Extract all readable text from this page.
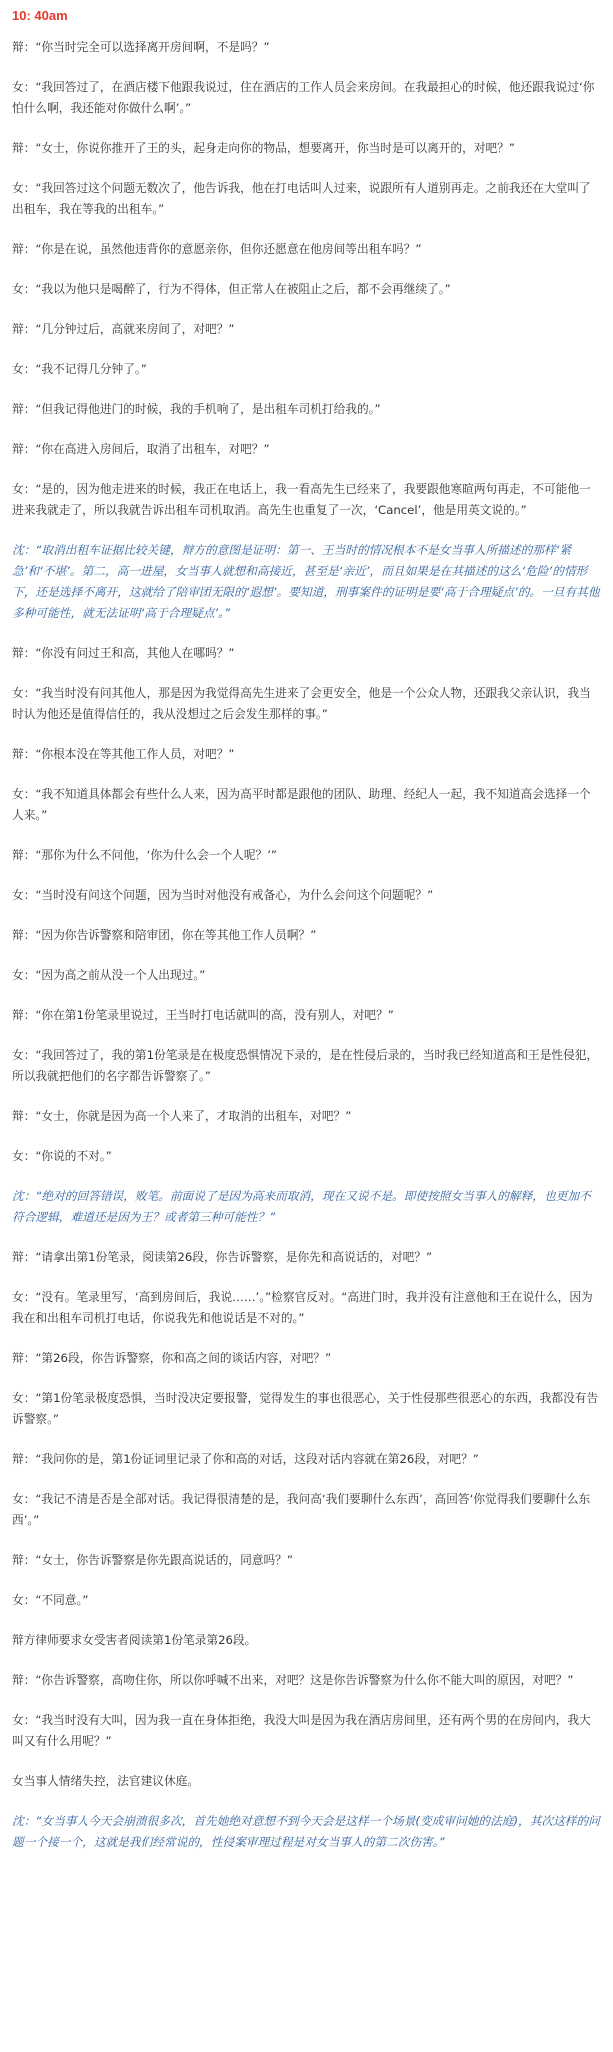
10: 40am

辩：“你当时完全可以选择离开房间啊，不是吗？”

女：“我回答过了，在酒店楼下他跟我说过，住在酒店的工作人员会来房间。在我最担心的时候，他还跟我说过‘你怕什么啊，我还能对你做什么啊’。”

辩：“女士，你说你推开了王的头，起身走向你的物品，想要离开，你当时是可以离开的，对吧？”

女：“我回答过这个问题无数次了，他告诉我，他在打电话叫人过来，说跟所有人道别再走。之前我还在大堂叫了出租车，我在等我的出租车。”

辩：“你是在说，虽然他违背你的意愿亲你，但你还愿意在他房间等出租车吗？”

女：“我以为他只是喝醉了，行为不得体，但正常人在被阻止之后，都不会再继续了。”

辩：“几分钟过后，高就来房间了，对吧？”

女：“我不记得几分钟了。”

辩：“但我记得他进门的时候，我的手机响了，是出租车司机打给我的。”

辩：“你在高进入房间后，取消了出租车，对吧？”

女：“是的，因为他走进来的时候，我正在电话上，我一看高先生已经来了，我要跟他寒暄两句再走，不可能他一进来我就走了，所以我就告诉出租车司机取消。高先生也重复了一次，‘Cancel’，他是用英文说的。”

沈：“取消出租车证据比较关键，辩方的意图是证明：第一、王当时的情况根本不是女当事人所描述的那样‘紧急’和‘不堪’。第二，高一进屋，女当事人就想和高接近，甚至是‘亲近’，而且如果是在其描述的这么‘危险’的情形下，还是选择不离开，这就给了陪审团无限的‘遐想’。要知道，刑事案件的证明是要‘高于合理疑点’的。一旦有其他多种可能性，就无法证明‘高于合理疑点’。”

辩：“你没有问过王和高，其他人在哪吗？”

女：“我当时没有问其他人，那是因为我觉得高先生进来了会更安全，他是一个公众人物，还跟我父亲认识，我当时认为他还是值得信任的，我从没想过之后会发生那样的事。”

辩：“你根本没在等其他工作人员，对吧？”

女：“我不知道具体都会有些什么人来，因为高平时都是跟他的团队、助理、经纪人一起，我不知道高会选择一个人来。”

辩：“那你为什么不问他，‘你为什么会一个人呢？’”

女：“当时没有问这个问题，因为当时对他没有戒备心，为什么会问这个问题呢？”

辩：“因为你告诉警察和陪审团，你在等其他工作人员啊？”

女：“因为高之前从没一个人出现过。”

辩：“你在第1份笔录里说过，王当时打电话就叫的高，没有别人，对吧？”

女：“我回答过了，我的第1份笔录是在极度恐惧情况下录的，是在性侵后录的，当时我已经知道高和王是性侵犯，所以我就把他们的名字都告诉警察了。”

辩：“女士，你就是因为高一个人来了，才取消的出租车，对吧？”

女：“你说的不对。”

沈：“绝对的回答错误，败笔。前面说了是因为高来而取消，现在又说不是。即使按照女当事人的解释，也更加不符合逻辑，难道还是因为王？或者第三种可能性？”

辩：“请拿出第1份笔录，阅读第26段，你告诉警察，是你先和高说话的，对吧？”

女：“没有。笔录里写，‘高到房间后，我说……’。”检察官反对。“高进门时，我并没有注意他和王在说什么，因为我在和出租车司机打电话，你说我先和他说话是不对的。”

辩：“第26段，你告诉警察，你和高之间的谈话内容，对吧？”

女：“第1份笔录极度恐惧，当时没决定要报警，觉得发生的事也很恶心，关于性侵那些很恶心的东西，我都没有告诉警察。”

辩：“我问你的是，第1份证词里记录了你和高的对话，这段对话内容就在第26段，对吧？”

女：“我记不清是否是全部对话。我记得很清楚的是，我问高‘我们要聊什么东西’，高回答‘你觉得我们要聊什么东西’。”

辩：“女士，你告诉警察是你先跟高说话的，同意吗？”

女：“不同意。”

辩方律师要求女受害者阅读第1份笔录第26段。

辩：“你告诉警察，高吻住你，所以你呼喊不出来，对吧？这是你告诉警察为什么你不能大叫的原因，对吧？”

女：“我当时没有大叫，因为我一直在身体拒绝，我没大叫是因为我在酒店房间里，还有两个男的在房间内，我大叫又有什么用呢？”

女当事人情绪失控，法官建议休庭。

沈：“女当事人今天会崩溃很多次，首先她绝对意想不到今天会是这样一个场景(变成审问她的法庭)，其次这样的问题一个接一个，这就是我们经常说的，性侵案审理过程是对女当事人的第二次伤害。”
